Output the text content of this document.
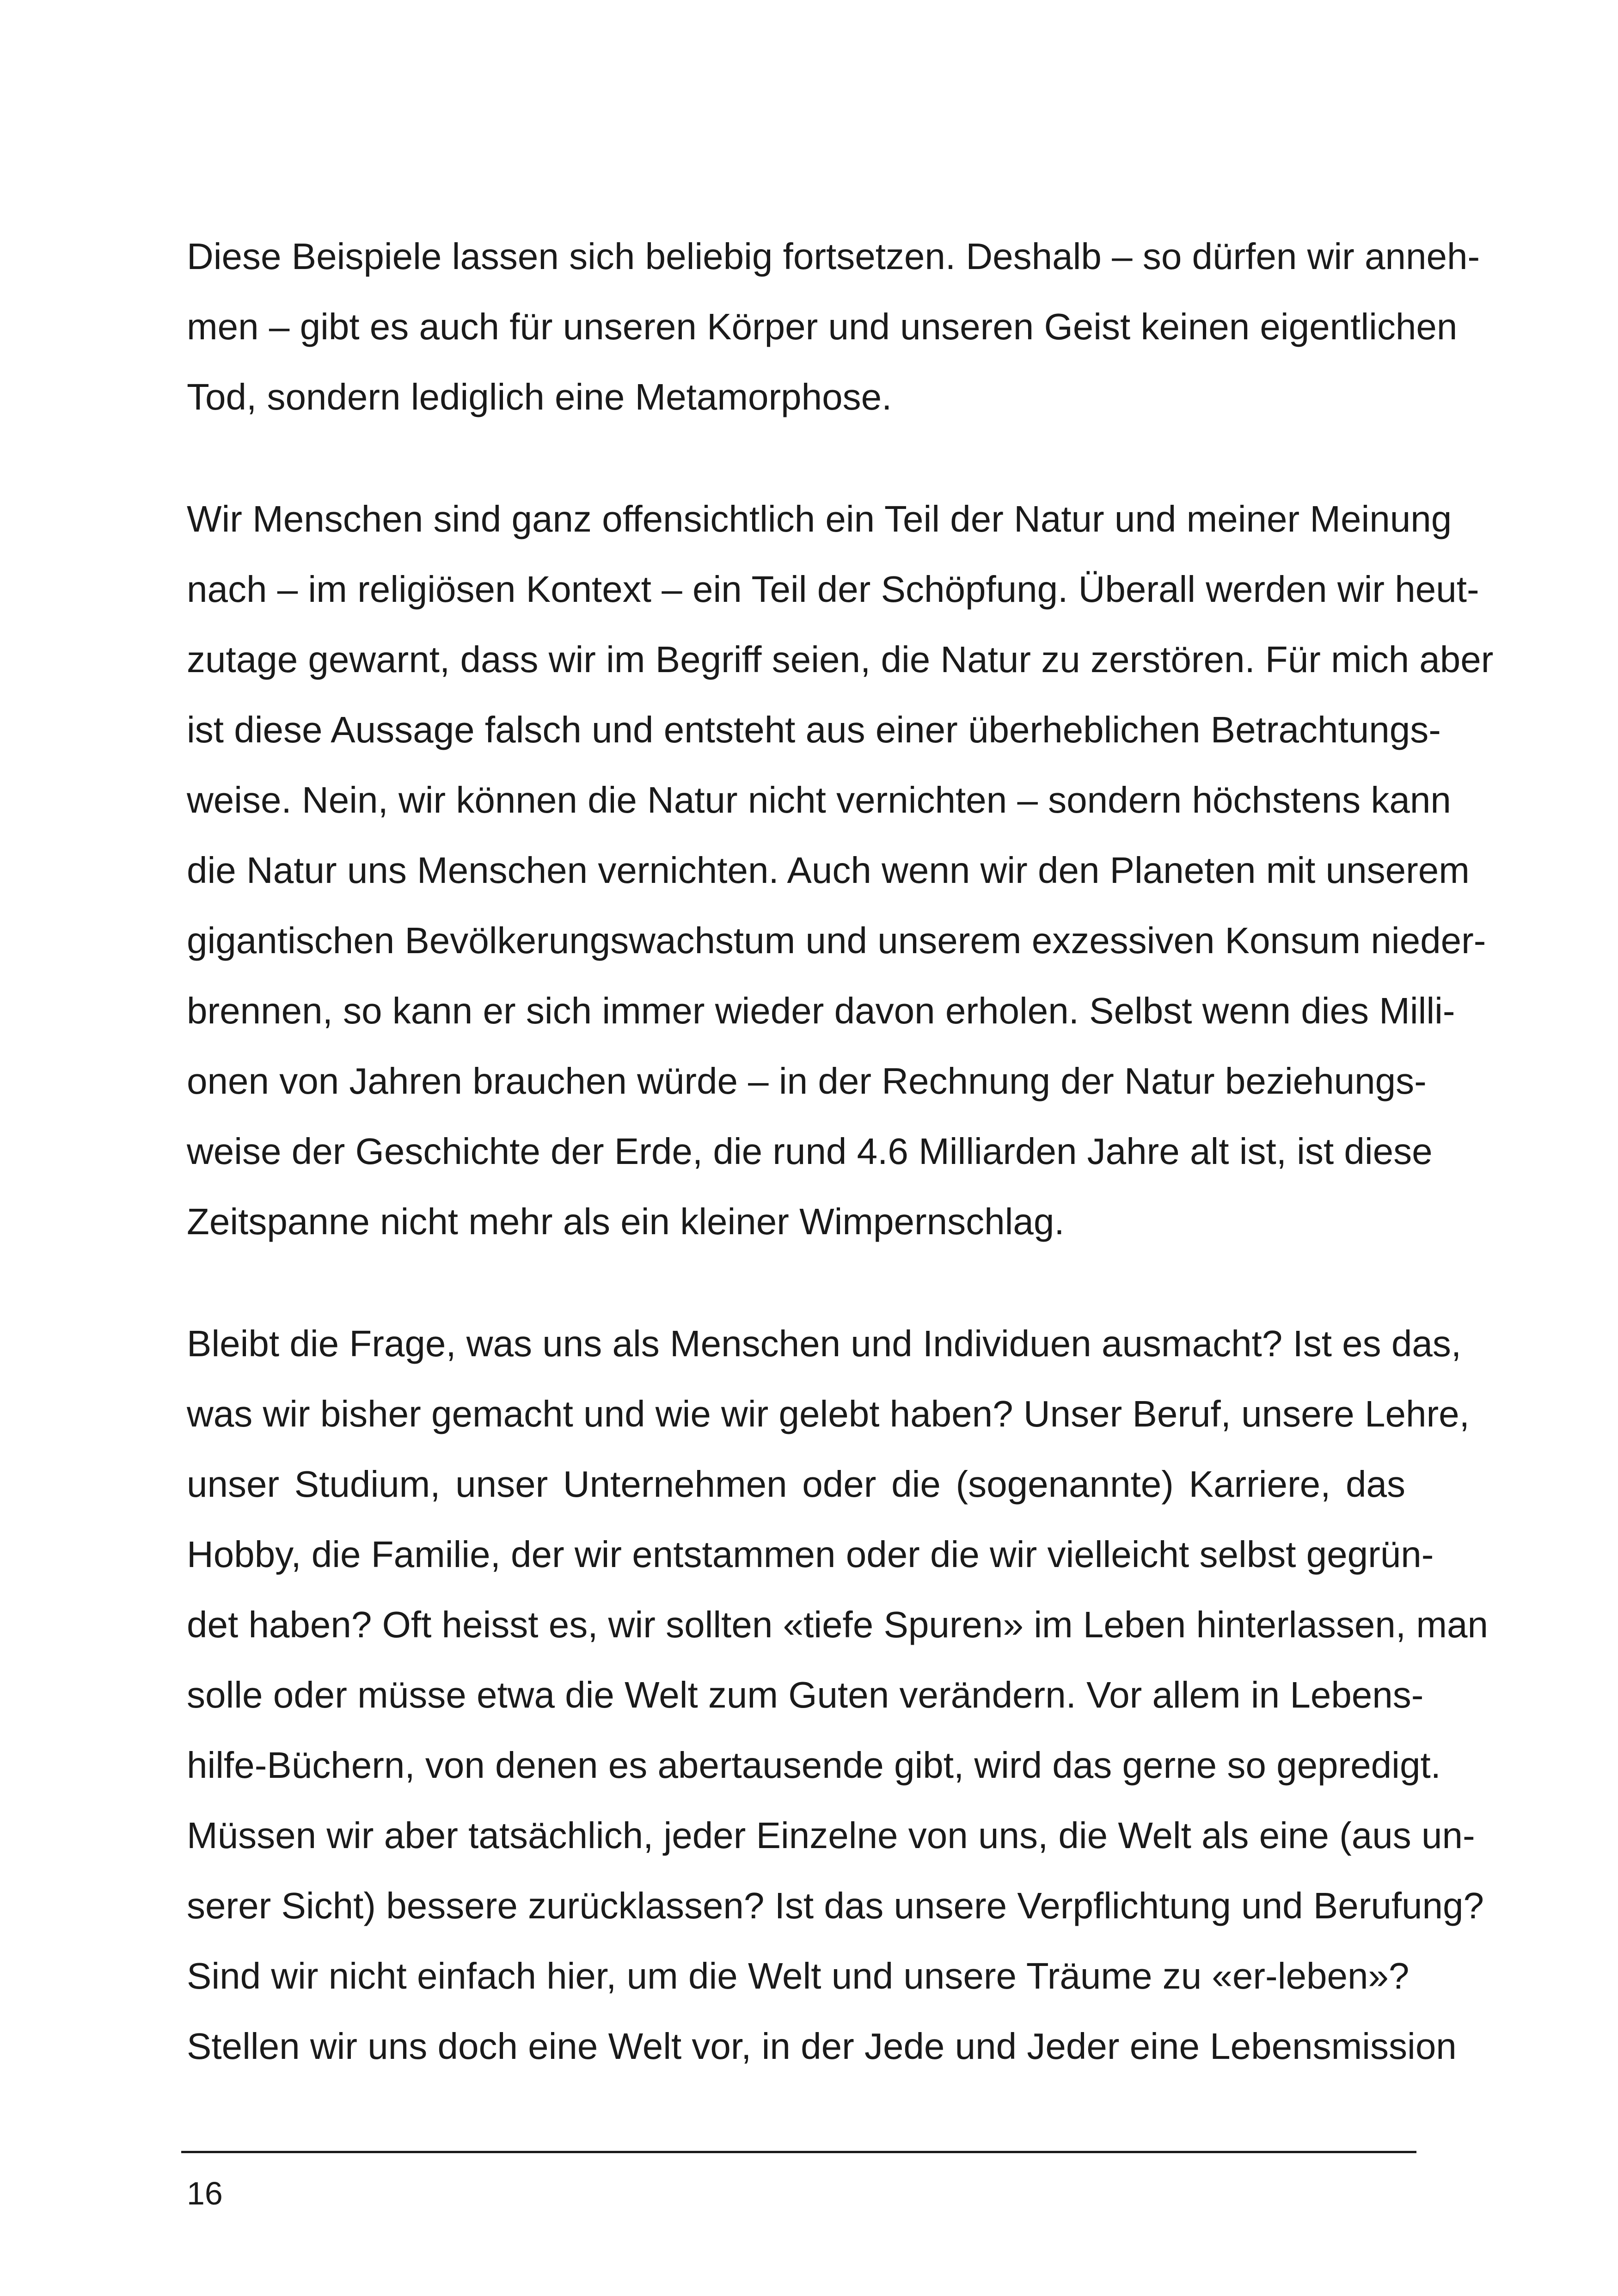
Diese Beispiele lassen sich beliebig fortsetzen. Deshalb – so dürfen wir anneh-
men – gibt es auch für unseren Körper und unseren Geist keinen eigentlichen
Tod, sondern lediglich eine Metamorphose.
Wir Menschen sind ganz offensichtlich ein Teil der Natur und meiner Meinung
nach – im religiösen Kontext – ein Teil der Schöpfung. Überall werden wir heut-
zutage gewarnt, dass wir im Begriff seien, die Natur zu zerstören. Für mich aber
ist diese Aussage falsch und entsteht aus einer überheblichen Betrachtungs-
weise. Nein, wir können die Natur nicht vernichten – sondern höchstens kann
die Natur uns Menschen vernichten. Auch wenn wir den Planeten mit unserem
gigantischen Bevölkerungswachstum und unserem exzessiven Konsum nieder-
brennen, so kann er sich immer wieder davon erholen. Selbst wenn dies Milli-
onen von Jahren brauchen würde – in der Rechnung der Natur beziehungs-
weise der Geschichte der Erde, die rund 4.6 Milliarden Jahre alt ist, ist diese
Zeitspanne nicht mehr als ein kleiner Wimpernschlag.
Bleibt die Frage, was uns als Menschen und Individuen ausmacht? Ist es das,
was wir bisher gemacht und wie wir gelebt haben? Unser Beruf, unsere Lehre,
unser Studium, unser Unternehmen oder die (sogenannte) Karriere, das
Hobby, die Familie, der wir entstammen oder die wir vielleicht selbst gegrün-
det haben? Oft heisst es, wir sollten «tiefe Spuren» im Leben hinterlassen, man
solle oder müsse etwa die Welt zum Guten verändern. Vor allem in Lebens-
hilfe-Büchern, von denen es abertausende gibt, wird das gerne so gepredigt.
Müssen wir aber tatsächlich, jeder Einzelne von uns, die Welt als eine (aus un-
serer Sicht) bessere zurücklassen? Ist das unsere Verpflichtung und Berufung?
Sind wir nicht einfach hier, um die Welt und unsere Träume zu «er-leben»?
Stellen wir uns doch eine Welt vor, in der Jede und Jeder eine Lebensmission
16
